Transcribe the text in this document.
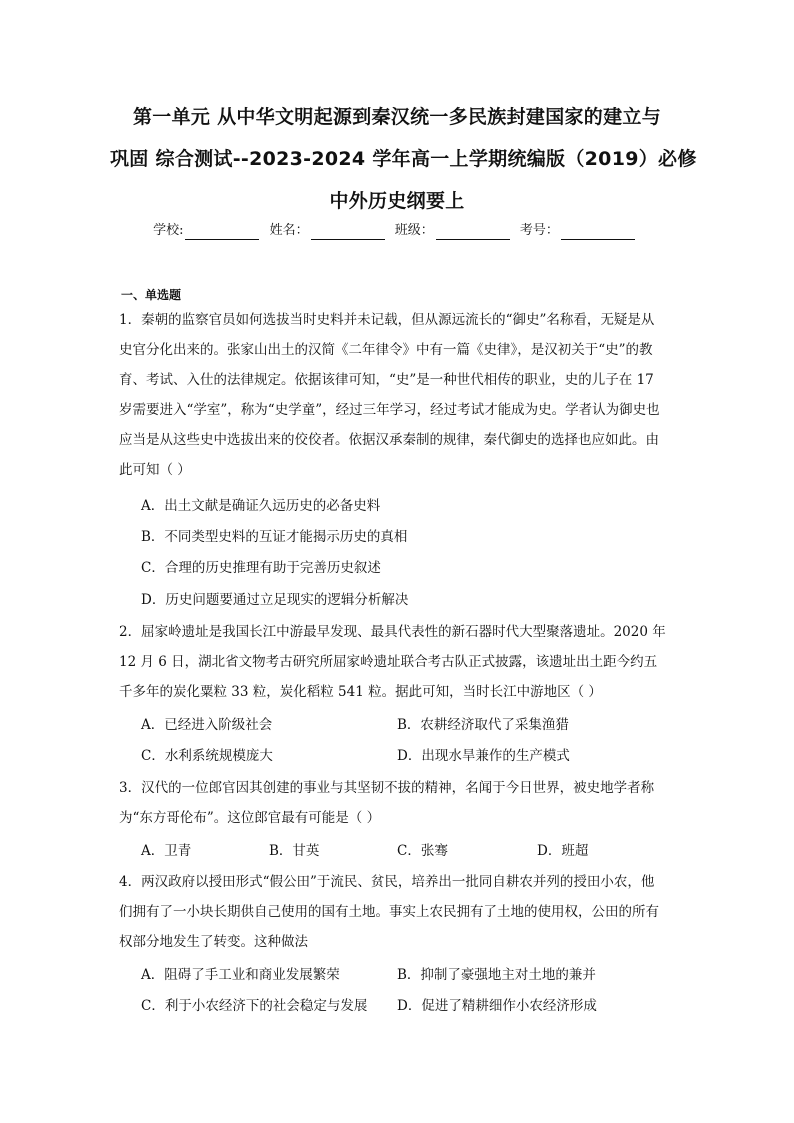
第一单元 从中华文明起源到秦汉统一多民族封建国家的建立与
巩固 综合测试--2023-2024 学年高一上学期统编版（2019）必修
中外历史纲要上
学校:	姓名：	班级：	考号：
一、单选题
1．秦朝的监察官员如何选拔当时史料并未记载，但从源远流长的“御史”名称看，无疑是从
史官分化出来的。张家山出土的汉简《二年律令》中有一篇《史律》，是汉初关于“史”的教
育、考试、入仕的法律规定。依据该律可知，“史”是一种世代相传的职业，史的儿子在 17
岁需要进入“学室”，称为“史学童”，经过三年学习，经过考试才能成为史。学者认为御史也
应当是从这些史中选拔出来的佼佼者。依据汉承秦制的规律，秦代御史的选择也应如此。由
此可知（ ）
A．出土文献是确证久远历史的必备史料
B．不同类型史料的互证才能揭示历史的真相
C．合理的历史推理有助于完善历史叙述
D．历史问题要通过立足现实的逻辑分析解决
2．屈家岭遗址是我国长江中游最早发现、最具代表性的新石器时代大型聚落遗址。2020 年
12 月 6 日，湖北省文物考古研究所屈家岭遗址联合考古队正式披露，该遗址出土距今约五
千多年的炭化粟粒 33 粒，炭化稻粒 541 粒。据此可知，当时长江中游地区（ ）
A．已经进入阶级社会	B．农耕经济取代了采集渔猎
C．水利系统规模庞大	D．出现水旱兼作的生产模式
3．汉代的一位郎官因其创建的事业与其坚韧不拔的精神，名闻于今日世界，被史地学者称
为“东方哥伦布”。这位郎官最有可能是（ ）
A．卫青	B．甘英	C．张骞	D．班超
4．两汉政府以授田形式“假公田”于流民、贫民，培养出一批同自耕农并列的授田小农，他
们拥有了一小块长期供自己使用的国有土地。事实上农民拥有了土地的使用权，公田的所有
权部分地发生了转变。这种做法
A．阻碍了手工业和商业发展繁荣	B．抑制了豪强地主对土地的兼并
C．利于小农经济下的社会稳定与发展 D．促进了精耕细作小农经济形成
